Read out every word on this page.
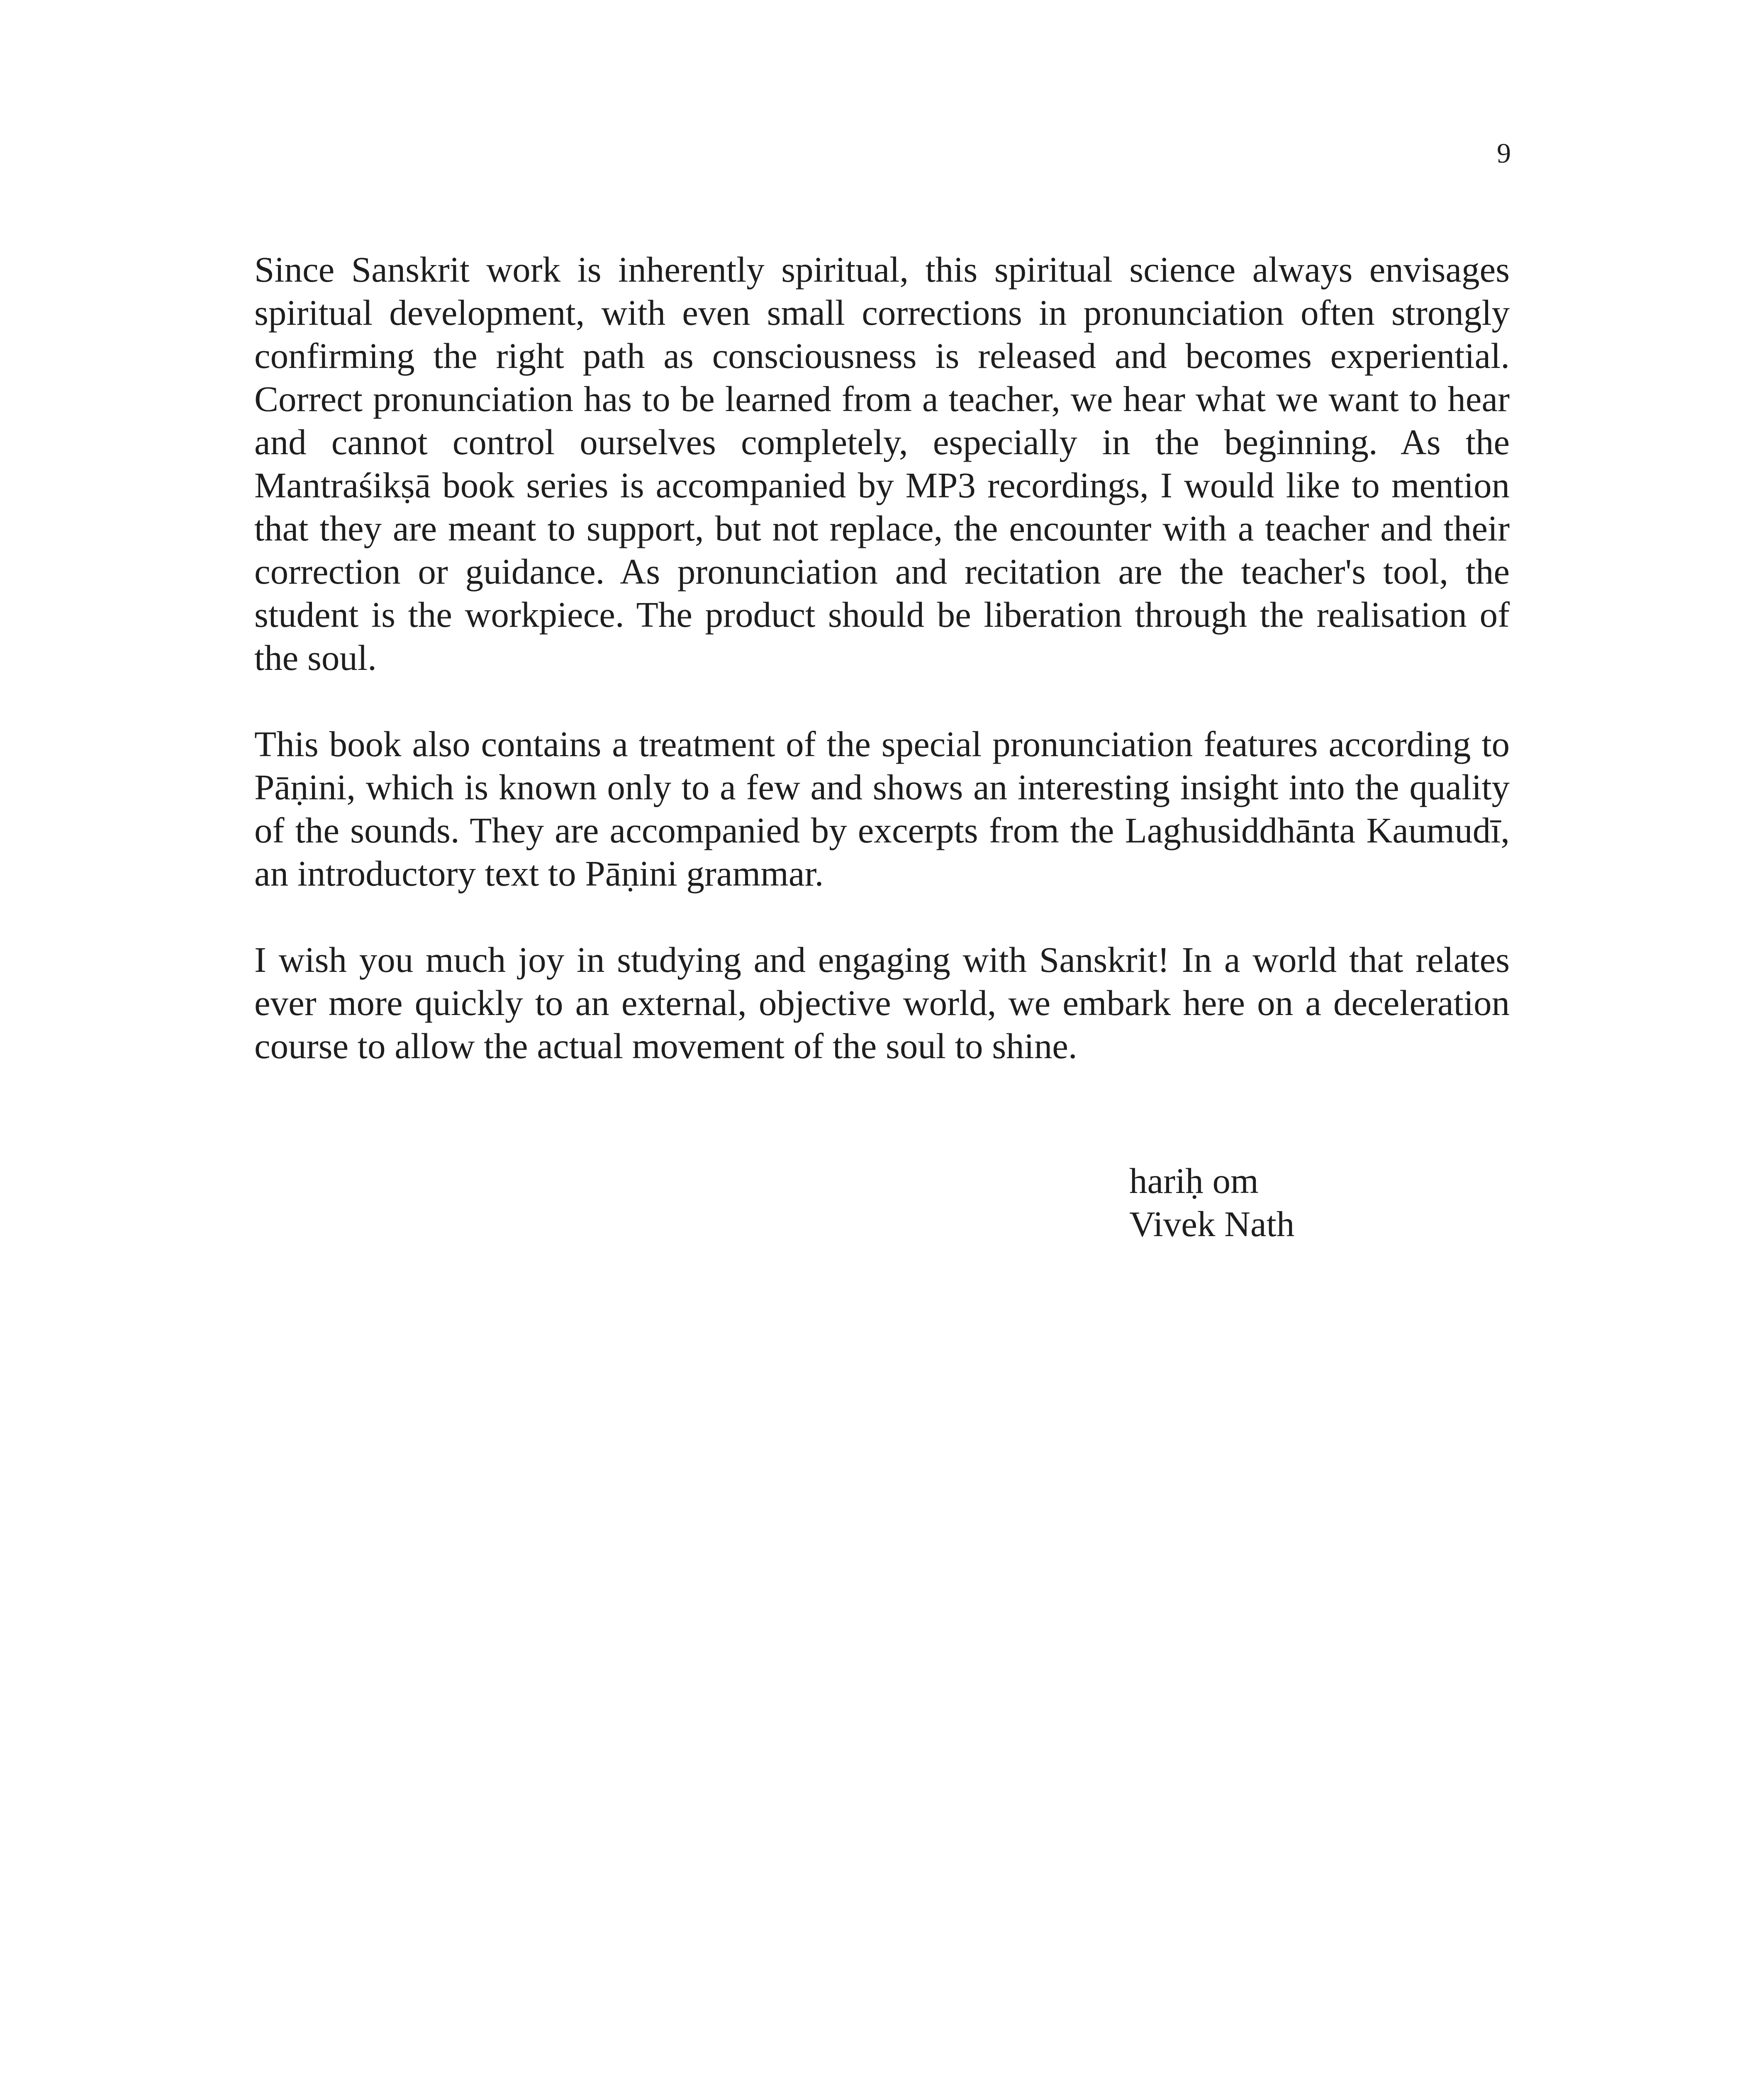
9

Since Sanskrit work is inherently spiritual, this spiritual science always envisages spiritual development, with even small corrections in pronunciation often strongly confirming the right path as consciousness is released and becomes experiential. Correct pronunciation has to be learned from a teacher, we hear what we want to hear and cannot control ourselves completely, especially in the beginning. As the Mantraśikṣā book series is accompanied by MP3 recordings, I would like to mention that they are meant to support, but not replace, the encounter with a teacher and their correction or guidance. As pronunciation and recitation are the teacher's tool, the student is the workpiece. The product should be liberation through the realisation of the soul.

This book also contains a treatment of the special pronunciation features according to Pāṇini, which is known only to a few and shows an interesting insight into the quality of the sounds. They are accompanied by excerpts from the Laghusiddhānta Kaumudī, an introductory text to Pāṇini grammar.

I wish you much joy in studying and engaging with Sanskrit! In a world that relates ever more quickly to an external, objective world, we embark here on a deceleration course to allow the actual movement of the soul to shine.

hariḥ om
Vivek Nath
